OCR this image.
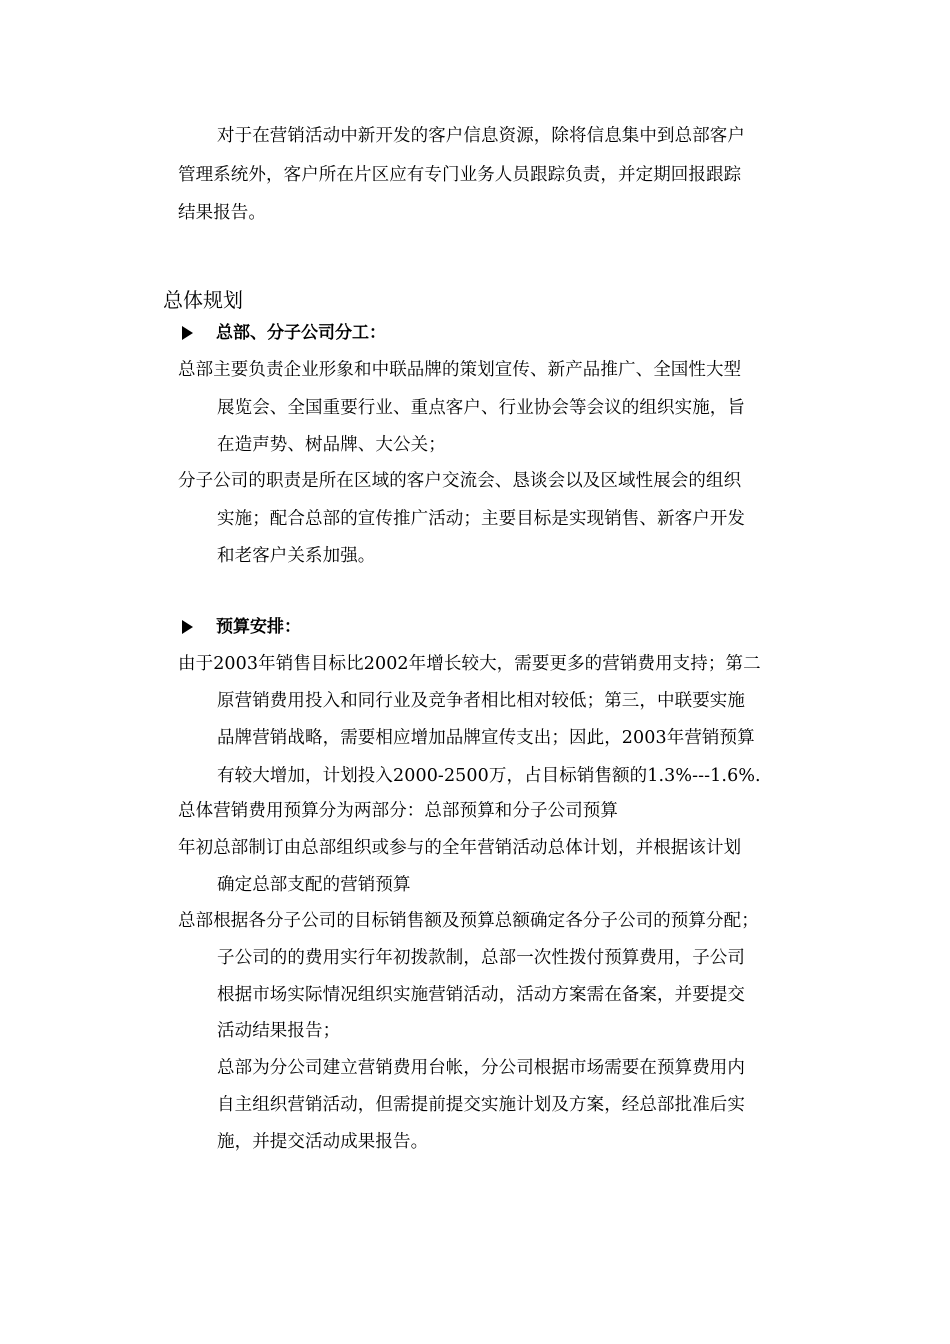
对于在营销活动中新开发的客户信息资源，除将信息集中到总部客户
管理系统外，客户所在片区应有专门业务人员跟踪负责，并定期回报跟踪
结果报告。
总体规划
总部、分子公司分工：
总部主要负责企业形象和中联品牌的策划宣传、新产品推广、全国性大型
展览会、全国重要行业、重点客户、行业协会等会议的组织实施，旨
在造声势、树品牌、大公关；
分子公司的职责是所在区域的客户交流会、恳谈会以及区域性展会的组织
实施；配合总部的宣传推广活动；主要目标是实现销售、新客户开发
和老客户关系加强。
预算安排：
由于2003年销售目标比2002年增长较大，需要更多的营销费用支持；第二
原营销费用投入和同行业及竞争者相比相对较低；第三，中联要实施
品牌营销战略，需要相应增加品牌宣传支出；因此，2003年营销预算
有较大增加，计划投入2000-2500万，占目标销售额的1.3%---1.6%.
总体营销费用预算分为两部分：总部预算和分子公司预算
年初总部制订由总部组织或参与的全年营销活动总体计划，并根据该计划
确定总部支配的营销预算
总部根据各分子公司的目标销售额及预算总额确定各分子公司的预算分配；
子公司的的费用实行年初拨款制，总部一次性拨付预算费用，子公司
根据市场实际情况组织实施营销活动，活动方案需在备案，并要提交
活动结果报告；
总部为分公司建立营销费用台帐，分公司根据市场需要在预算费用内
自主组织营销活动，但需提前提交实施计划及方案，经总部批准后实
施，并提交活动成果报告。
